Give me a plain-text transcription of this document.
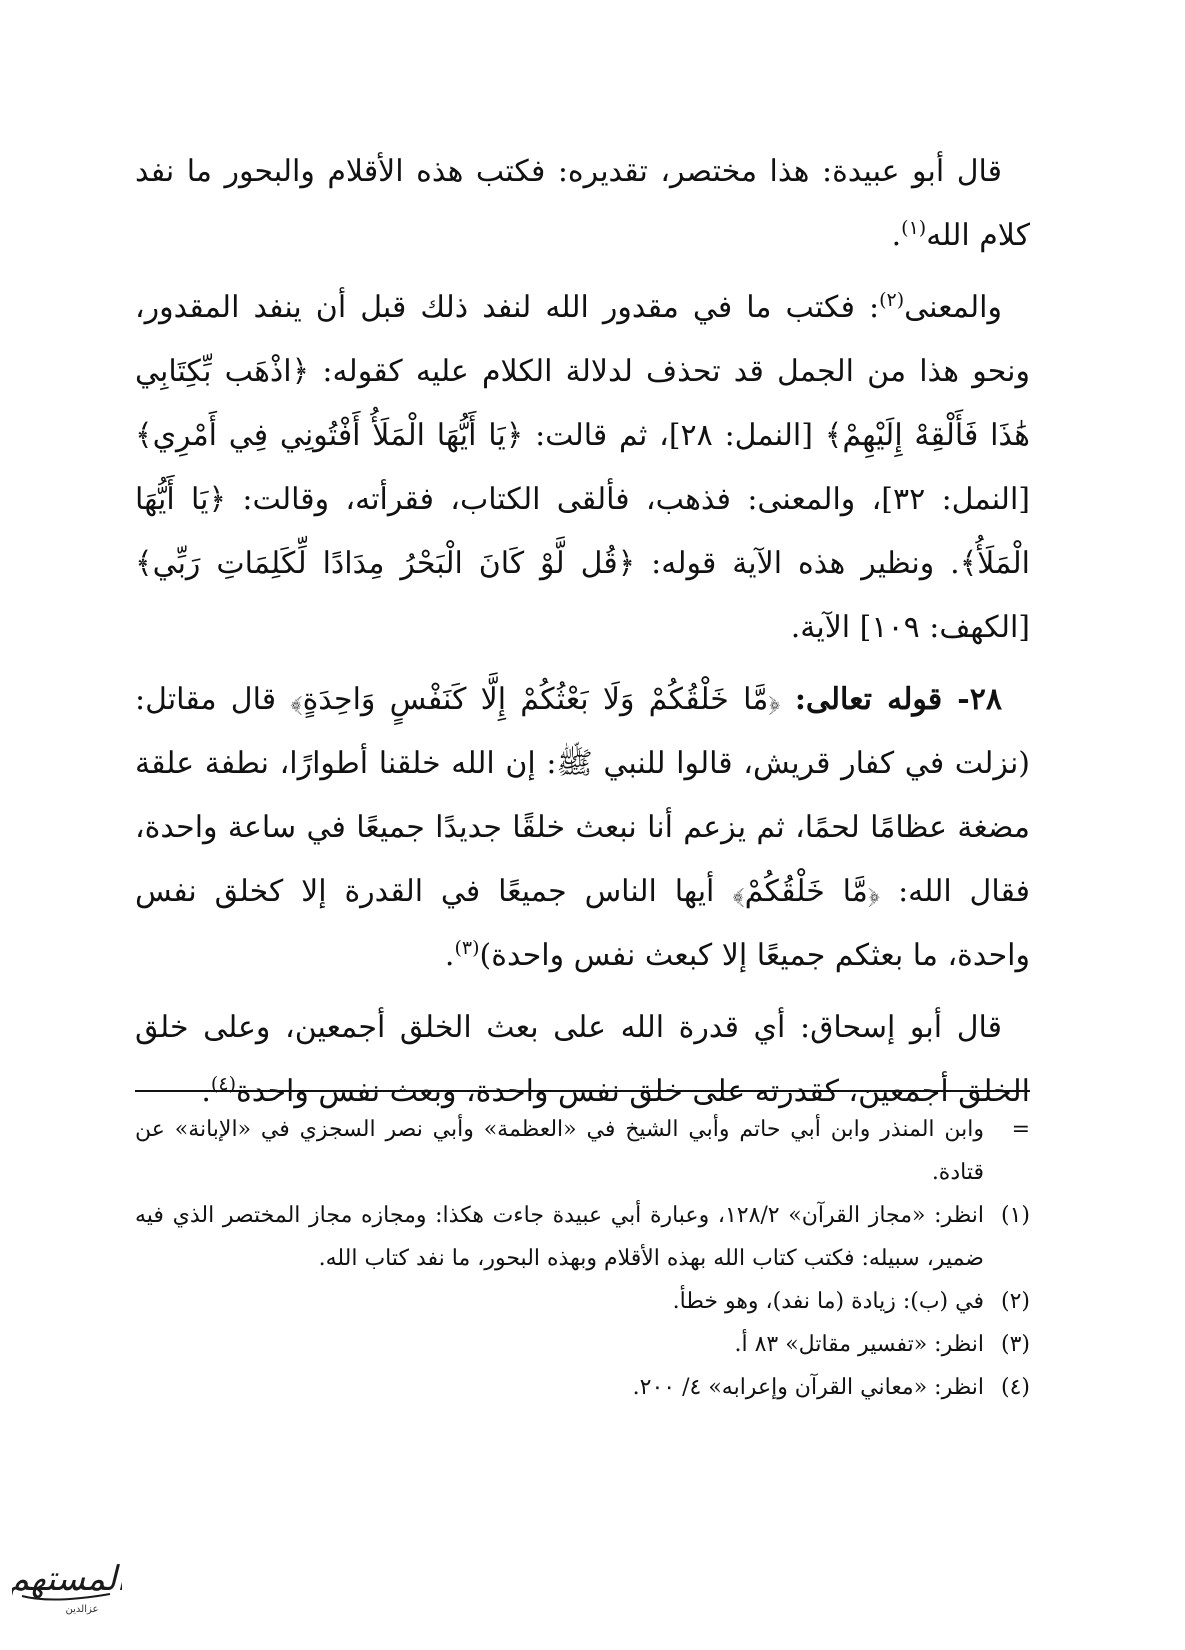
قال أبو عبيدة: هذا مختصر، تقديره: فكتب هذه الأقلام والبحور ما نفد كلام الله$^{(١)}$.

والمعنى$^{(٢)}$: فكتب ما في مقدور الله لنفد ذلك قبل أن ينفد المقدور، ونحو هذا من الجمل قد تحذف لدلالة الكلام عليه كقوله: ﴿اذْهَب بِّكِتَابِي هَٰذَا فَأَلْقِهْ إِلَيْهِمْ﴾ [النمل: ٢٨]، ثم قالت: ﴿يَا أَيُّهَا الْمَلَأُ أَفْتُونِي فِي أَمْرِي﴾ [النمل: ٣٢]، والمعنى: فذهب، فألقى الكتاب، فقرأته، وقالت: ﴿يَا أَيُّهَا الْمَلَأُ﴾. ونظير هذه الآية قوله: ﴿قُل لَّوْ كَانَ الْبَحْرُ مِدَادًا لِّكَلِمَاتِ رَبِّي﴾ [الكهف: ١٠٩] الآية.

٢٨- قوله تعالى: ﴿مَّا خَلْقُكُمْ وَلَا بَعْثُكُمْ إِلَّا كَنَفْسٍ وَاحِدَةٍ﴾ قال مقاتل: (نزلت في كفار قريش، قالوا للنبي ﷺ: إن الله خلقنا أطوارًا، نطفة علقة مضغة عظامًا لحمًا، ثم يزعم أنا نبعث خلقًا جديدًا جميعًا في ساعة واحدة، فقال الله: ﴿مَّا خَلْقُكُمْ﴾ أيها الناس جميعًا في القدرة إلا كخلق نفس واحدة، ما بعثكم جميعًا إلا كبعث نفس واحدة)$^{(٣)}$.

قال أبو إسحاق: أي قدرة الله على بعث الخلق أجمعين، وعلى خلق الخلق أجمعين، كقدرته على خلق نفس واحدة، وبعث نفس واحدة$^{(٤)}$.

=
وابن المنذر وابن أبي حاتم وأبي الشيخ في «العظمة» وأبي نصر السجزي في «الإبانة» عن قتادة.
(١)
انظر: «مجاز القرآن» ١٢٨/٢، وعبارة أبي عبيدة جاءت هكذا: ومجازه مجاز المختصر الذي فيه ضمير، سبيله: فكتب كتاب الله بهذه الأقلام وبهذه البحور، ما نفد كتاب الله.
(٢)
في (ب): زيادة (ما نفد)، وهو خطأ.
(٣)
انظر: «تفسير مقاتل» ٨٣ أ.
(٤)
انظر: «معاني القرآن وإعرابه» ٤/ ٢٠٠.
المستهم
عزالدين
